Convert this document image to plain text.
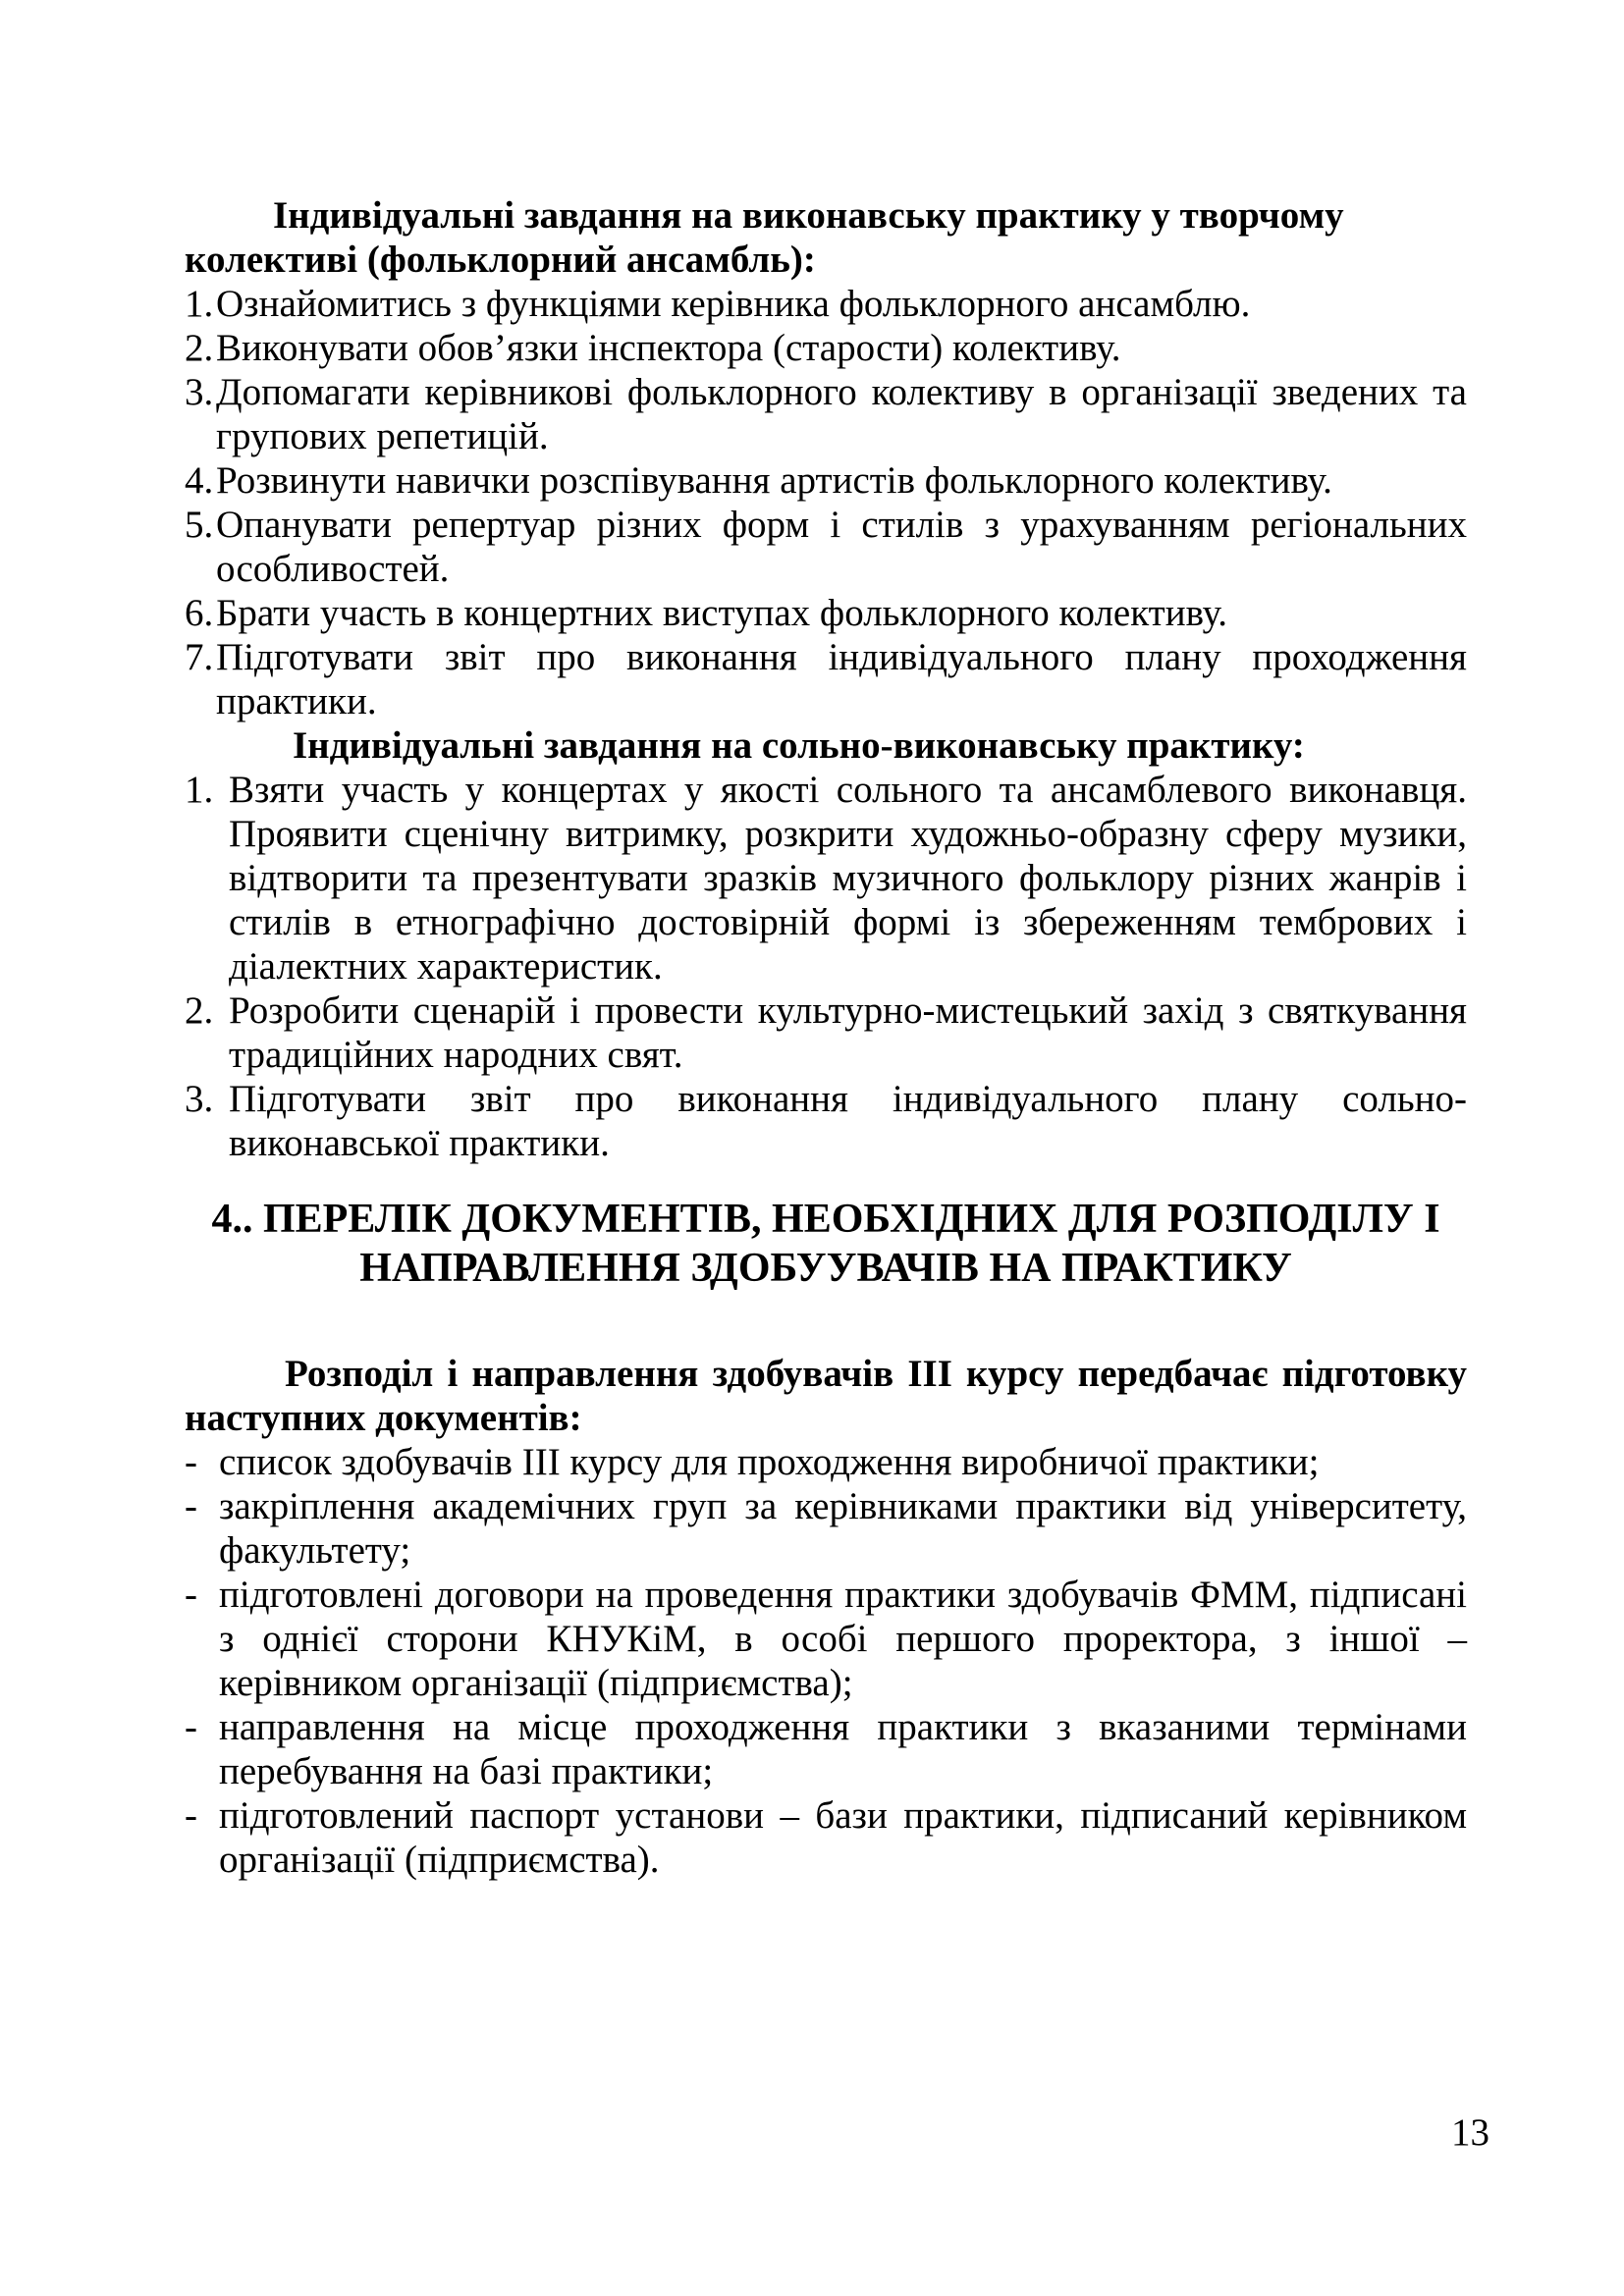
Індивідуальні завдання на виконавську практику у творчому колективі (фольклорний ансамбль):

1.Ознайомитись з функціями керівника фольклорного ансамблю.

2.Виконувати обов’язки інспектора (старости) колективу.

3.Допомагати керівникові фольклорного колективу в організації зведених та групових репетицій.

4.Розвинути навички розспівування артистів фольклорного колективу.

5.Опанувати репертуар різних форм і стилів з урахуванням регіональних особливостей.

6.Брати участь в концертних виступах фольклорного колективу.

7.Підготувати звіт про виконання індивідуального плану проходження практики.

Індивідуальні завдання на сольно-виконавську практику:

1. Взяти участь у концертах у якості сольного та ансамблевого виконавця. Проявити сценічну витримку, розкрити художньо-образну сферу музики, відтворити та презентувати зразків музичного фольклору різних жанрів і стилів в етнографічно достовірній формі із збереженням тембрових і діалектних характеристик.

2. Розробити сценарій і провести культурно-мистецький захід з святкування традиційних народних свят.

3. Підготувати звіт про виконання індивідуального плану сольно-виконавської практики.

4.. ПЕРЕЛІК ДОКУМЕНТІВ, НЕОБХІДНИХ ДЛЯ РОЗПОДІЛУ І НАПРАВЛЕННЯ ЗДОБУУВАЧІВ НА ПРАКТИКУ

Розподіл і направлення здобувачів ІІІ курсу передбачає підготовку наступних документів:

- список здобувачів ІІІ курсу для проходження виробничої практики;

- закріплення академічних груп за керівниками практики від університету, факультету;

- підготовлені договори на проведення практики здобувачів ФММ, підписані з однієї сторони КНУКіМ, в особі першого проректора, з іншої – керівником організації (підприємства);

- направлення на місце проходження практики з вказаними термінами перебування на базі практики;

- підготовлений паспорт установи – бази практики, підписаний керівником організації (підприємства).

13
